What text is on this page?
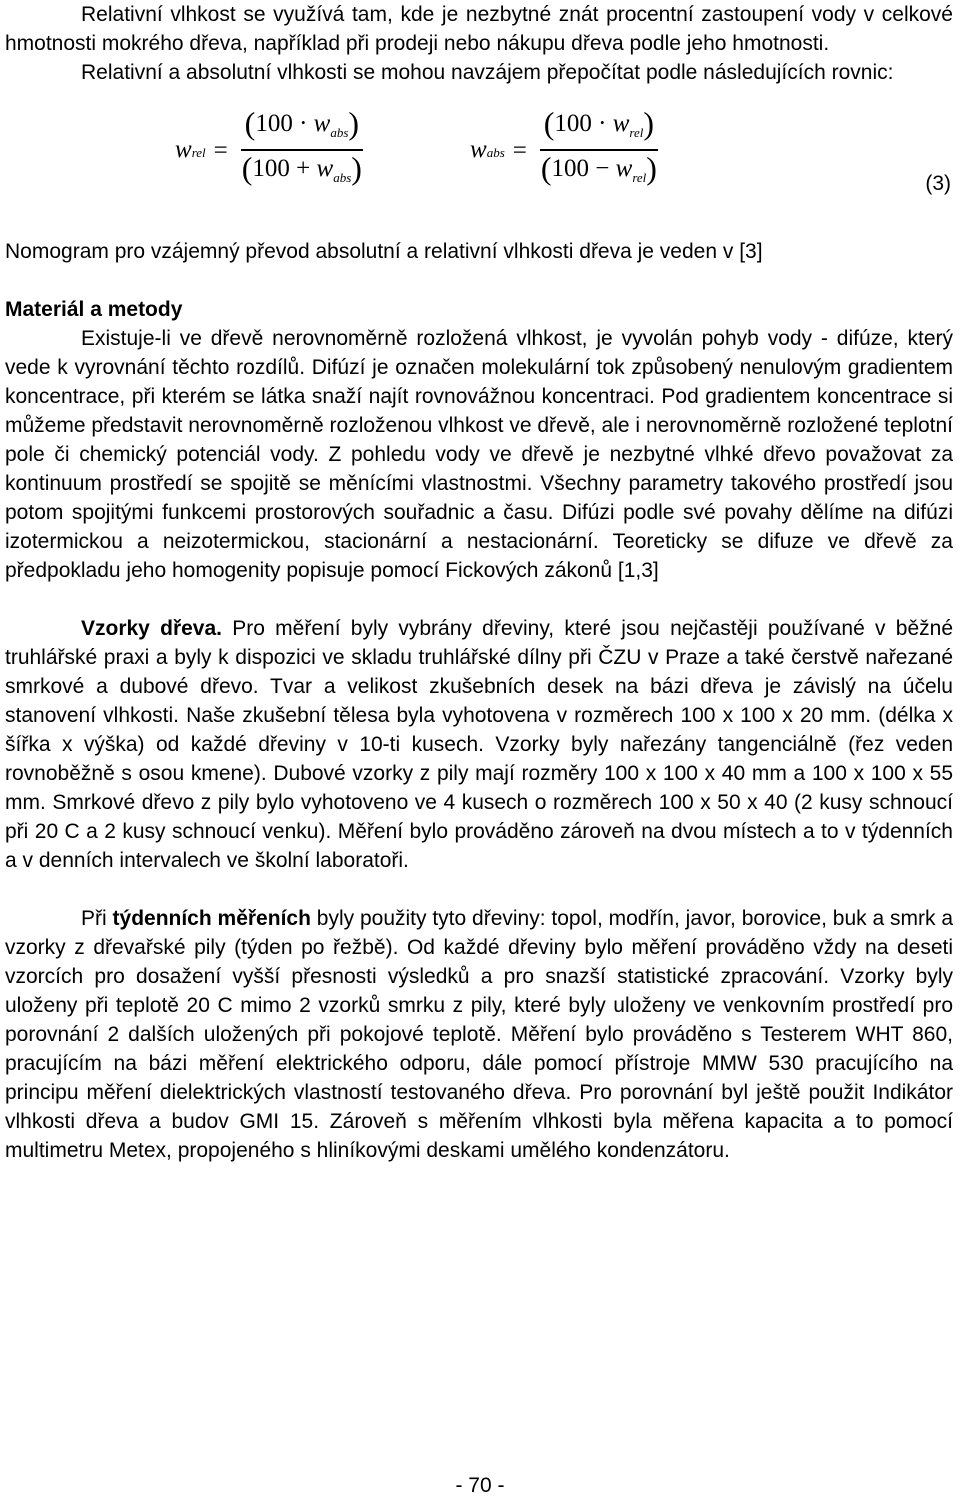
Relativní vlhkost se využívá tam, kde je nezbytné znát procentní zastoupení vody v celkové hmotnosti mokrého dřeva, například při prodeji nebo nákupu dřeva podle jeho hmotnosti.

Relativní a absolutní vlhkosti se mohou navzájem přepočítat podle následujících rovnic:

w rel = $\frac{(100 \cdot w_{abs})}{(100 + w_{abs})}$	w abs = $\frac{(100 \cdot w_{rel})}{(100 - w_{rel})}$	(3)

Nomogram pro vzájemný převod absolutní a relativní vlhkosti dřeva je veden v [3]

Materiál a metody

Existuje-li ve dřevě nerovnoměrně rozložená vlhkost, je vyvolán pohyb vody - difúze, který vede k vyrovnání těchto rozdílů. Difúzí je označen molekulární tok způsobený nenulovým gradientem koncentrace, při kterém se látka snaží najít rovnovážnou koncentraci. Pod gradientem koncentrace si můžeme představit nerovnoměrně rozloženou vlhkost ve dřevě, ale i nerovnoměrně rozložené teplotní pole či chemický potenciál vody. Z pohledu vody ve dřevě je nezbytné vlhké dřevo považovat za kontinuum prostředí se spojitě se měnícími vlastnostmi. Všechny parametry takového prostředí jsou potom spojitými funkcemi prostorových souřadnic a času. Difúzi podle své povahy dělíme na difúzi izotermickou a neizotermickou, stacionární a nestacionární. Teoreticky se difuze ve dřevě za předpokladu jeho homogenity popisuje pomocí Fickových zákonů [1,3]

Vzorky dřeva. Pro měření byly vybrány dřeviny, které jsou nejčastěji používané v běžné truhlářské praxi a byly k dispozici ve skladu truhlářské dílny při ČZU v Praze a také čerstvě nařezané smrkové a dubové dřevo. Tvar a velikost zkušebních desek na bázi dřeva je závislý na účelu stanovení vlhkosti. Naše zkušební tělesa byla vyhotovena v rozměrech 100 x 100 x 20 mm. (délka x šířka x výška) od každé dřeviny v 10-ti kusech. Vzorky byly nařezány tangenciálně (řez veden rovnoběžně s osou kmene). Dubové vzorky z pily mají rozměry 100 x 100 x 40 mm a 100 x 100 x 55 mm. Smrkové dřevo z pily bylo vyhotoveno ve 4 kusech o rozměrech 100 x 50 x 40 (2 kusy schnoucí při 20 C a 2 kusy schnoucí venku). Měření bylo prováděno zároveň na dvou místech a to v týdenních a v denních intervalech ve školní laboratoři.

Při týdenních měřeních byly použity tyto dřeviny: topol, modřín, javor, borovice, buk a smrk a vzorky z dřevařské pily (týden po řežbě). Od každé dřeviny bylo měření prováděno vždy na deseti vzorcích pro dosažení vyšší přesnosti výsledků a pro snazší statistické zpracování. Vzorky byly uloženy při teplotě 20 C mimo 2 vzorků smrku z pily, které byly uloženy ve venkovním prostředí pro porovnání 2 dalších uložených při pokojové teplotě. Měření bylo prováděno s Testerem WHT 860, pracujícím na bázi měření elektrického odporu, dále pomocí přístroje MMW 530 pracujícího na principu měření dielektrických vlastností testovaného dřeva. Pro porovnání byl ještě použit Indikátor vlhkosti dřeva a budov GMI 15. Zároveň s měřením vlhkosti byla měřena kapacita a to pomocí multimetru Metex, propojeného s hliníkovými deskami umělého kondenzátoru.

- 70 -
